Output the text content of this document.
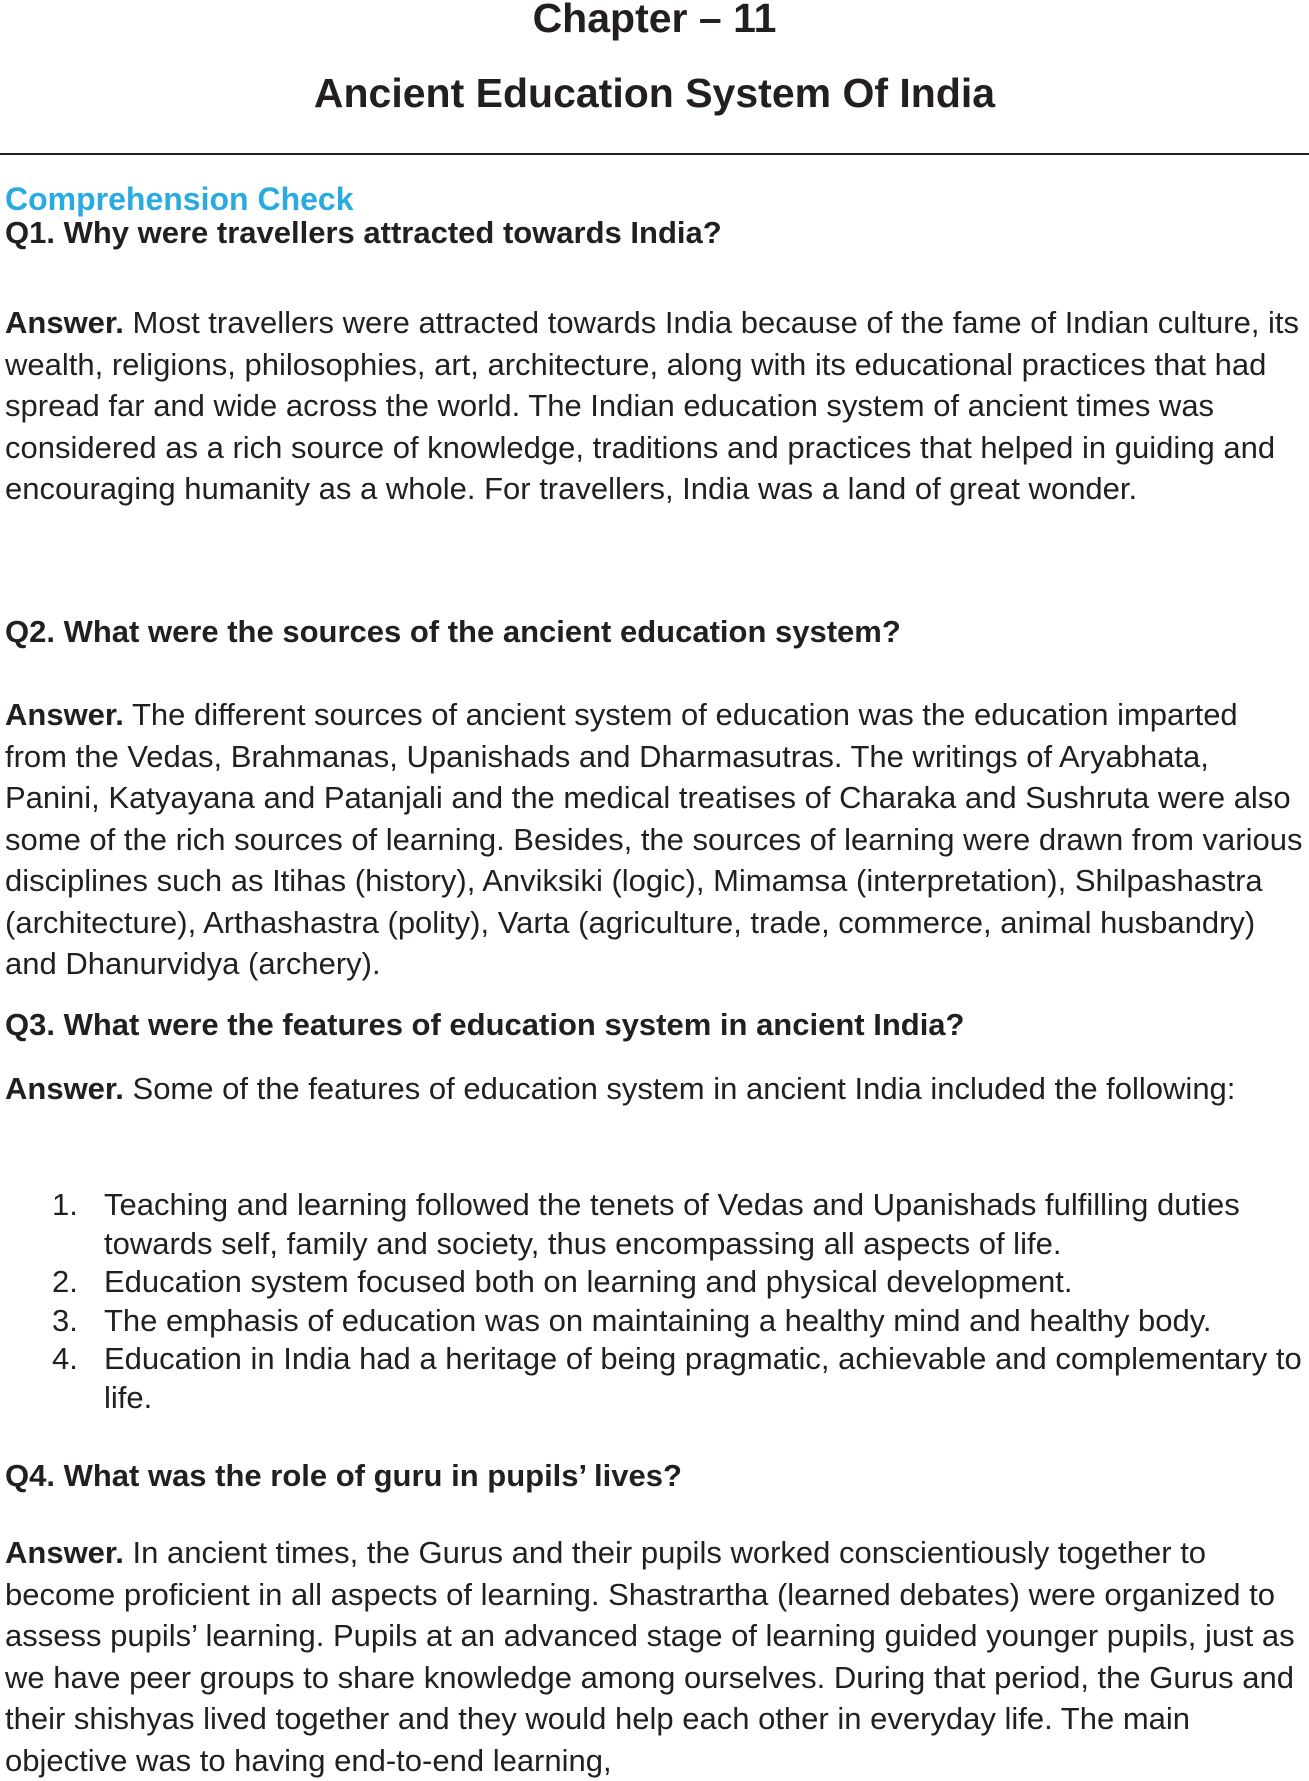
Chapter – 11
Ancient Education System Of India
Comprehension Check
Q1. Why were travellers attracted towards India?

Answer. Most travellers were attracted towards India because of the fame of Indian culture, its wealth, religions, philosophies, art, architecture, along with its educational practices that had spread far and wide across the world. The Indian education system of ancient times was considered as a rich source of knowledge, traditions and practices that helped in guiding and encouraging humanity as a whole. For travellers, India was a land of great wonder.

Q2. What were the sources of the ancient education system?

Answer. The different sources of ancient system of education was the education imparted from the Vedas, Brahmanas, Upanishads and Dharmasutras. The writings of Aryabhata, Panini, Katyayana and Patanjali and the medical treatises of Charaka and Sushruta were also some of the rich sources of learning. Besides, the sources of learning were drawn from various disciplines such as Itihas (history), Anviksiki (logic), Mimamsa (interpretation), Shilpashastra (architecture), Arthashastra (polity), Varta (agriculture, trade, commerce, animal husbandry) and Dhanurvidya (archery).

Q3. What were the features of education system in ancient India?

Answer. Some of the features of education system in ancient India included the following:

1. Teaching and learning followed the tenets of Vedas and Upanishads fulfilling duties towards self, family and society, thus encompassing all aspects of life.
2. Education system focused both on learning and physical development.
3. The emphasis of education was on maintaining a healthy mind and healthy body.
4. Education in India had a heritage of being pragmatic, achievable and complementary to life.
Q4. What was the role of guru in pupils’ lives?

Answer. In ancient times, the Gurus and their pupils worked conscientiously together to become proficient in all aspects of learning. Shastrartha (learned debates) were organized to assess pupils’ learning. Pupils at an advanced stage of learning guided younger pupils, just as we have peer groups to share knowledge among ourselves. During that period, the Gurus and their shishyas lived together and they would help each other in everyday life. The main objective was to having end-to-end learning,
